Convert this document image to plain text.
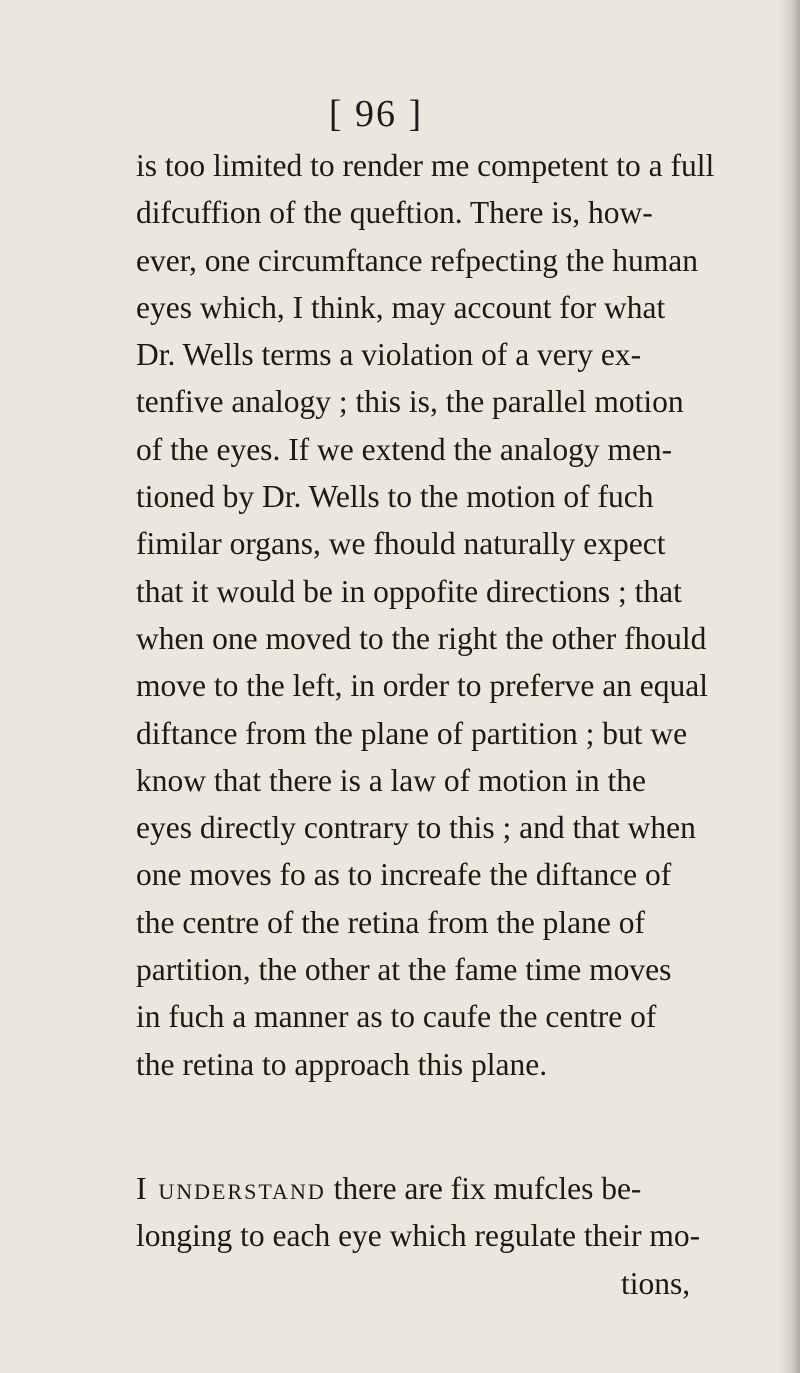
[ 96 ]
is too limited to render me competent to a full
difcuffion of the queftion. There is, how-
ever, one circumftance refpecting the human
eyes which, I think, may account for what
Dr. Wells terms a violation of a very ex-
tenfive analogy ; this is, the parallel motion
of the eyes. If we extend the analogy men-
tioned by Dr. Wells to the motion of fuch
fimilar organs, we fhould naturally expect
that it would be in oppofite directions ; that
when one moved to the right the other fhould
move to the left, in order to preferve an equal
diftance from the plane of partition ; but we
know that there is a law of motion in the
eyes directly contrary to this ; and that when
one moves fo as to increafe the diftance of
the centre of the retina from the plane of
partition, the other at the fame time moves
in fuch a manner as to caufe the centre of
the retina to approach this plane.
I understand there are fix mufcles be-
longing to each eye which regulate their mo-
tions,
